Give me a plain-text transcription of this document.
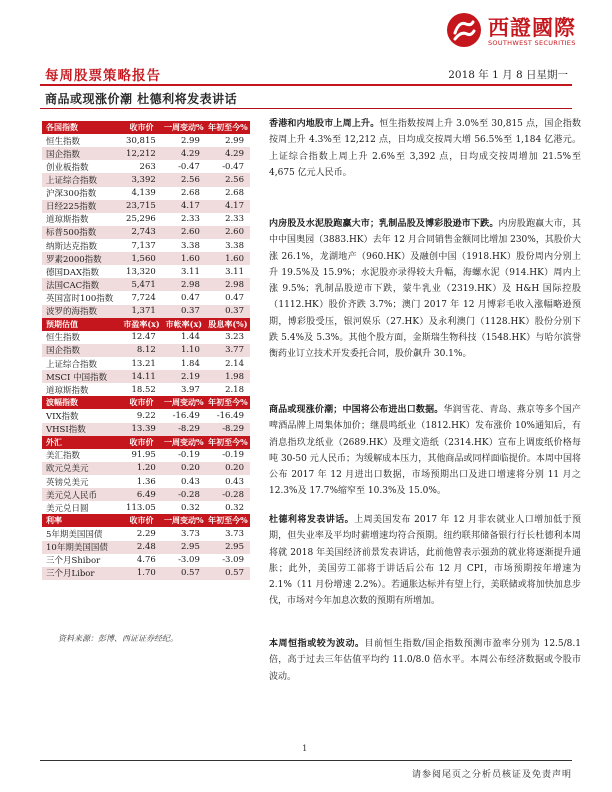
西證國際
SOUTHWEST SECURITIES
每周股票策略报告	2018 年 1 月 8 日星期一
商品或现涨价潮 杜德利将发表讲话
各国指数	收市价	一周变动%	年初至今%
恒生指数	30,815	2.99	2.99
国企指数	12,212	4.29	4.29
创业板指数	263	-0.47	-0.47
上证综合指数	3,392	2.56	2.56
沪深300指数	4,139	2.68	2.68
日经225指数	23,715	4.17	4.17
道琼斯指数	25,296	2.33	2.33
标普500指数	2,743	2.60	2.60
纳斯达克指数	7,137	3.38	3.38
罗素2000指数	1,560	1.60	1.60
德国DAX指数	13,320	3.11	3.11
法国CAC指数	5,471	2.98	2.98
英国富时100指数	7,724	0.47	0.47
波罗的海指数	1,371	0.37	0.37
预期估值	市盈率(x)	市帐率(x)	股息率(%)
恒生指数	12.47	1.44	3.23
国企指数	8.12	1.10	3.77
上证综合指数	13.21	1.84	2.14
MSCI 中国指数	14.11	2.19	1.98
道琼斯指数	18.52	3.97	2.18
波幅指数	收市价	一周变动%	年初至今%
VIX指数	9.22	-16.49	-16.49
VHSI指数	13.39	-8.29	-8.29
外汇	收市价	一周变动%	年初至今%
美汇指数	91.95	-0.19	-0.19
欧元兑美元	1.20	0.20	0.20
英镑兑美元	1.36	0.43	0.43
美元兑人民币	6.49	-0.28	-0.28
美元兑日圆	113.05	0.32	0.32
利率	收市价	一周变动%	年初至今%
5年期美国国债	2.29	3.73	3.73
10年期美国国债	2.48	2.95	2.95
三个月Shibor	4.76	-3.09	-3.09
三个月Libor	1.70	0.57	0.57
资料来源：彭博、西证证券经纪。
香港和内地股市上周上升。恒生指数按周上升 3.0%至 30,815 点，国企指数按周上升 4.3%至 12,212 点，日均成交按周大增 56.5%至 1,184 亿港元。上证综合指数上周上升 2.6%至 3,392 点，日均成交按周增加 21.5%至 4,675 亿元人民币。
内房股及水泥股跑赢大市；乳制品股及博彩股逊市下跌。内房股跑赢大市，其中中国奥园（3883.HK）去年 12 月合同销售金额同比增加 230%，其股价大涨 26.1%，龙湖地产（960.HK）及融创中国（1918.HK）股份周内分别上升 19.5%及 15.9%；水泥股亦录得较大升幅，海螺水泥（914.HK）周内上涨 9.5%；乳制品股逆市下跌，蒙牛乳业（2319.HK）及 H&H 国际控股（1112.HK）股价齐跌 3.7%；澳门 2017 年 12 月博彩毛收入涨幅略逊预期，博彩股受压，银河娱乐（27.HK）及永利澳门（1128.HK）股份分别下跌 5.4%及 5.3%。其他个股方面，金斯瑞生物科技（1548.HK）与哈尔滨誉衡药业订立技术开发委托合同，股价飙升 30.1%。
商品或现涨价潮；中国将公布进出口数据。华润雪花、青岛、燕京等多个国产啤酒品牌上周集体加价；继晨鸣纸业（1812.HK）发布涨价 10%通知后，有消息指玖龙纸业（2689.HK）及理文造纸（2314.HK）宣布上调废纸价格每吨 30-50 元人民币；为缓解成本压力，其他商品或同样面临提价。本周中国将公布 2017 年 12 月进出口数据，市场预期出口及进口增速将分别 11 月之 12.3%及 17.7%缩窄至 10.3%及 15.0%。
杜德利将发表讲话。上周美国发布 2017 年 12 月非农就业人口增加低于预期，但失业率及平均时薪增速均符合预期。纽约联邦储备银行行长杜德利本周将就 2018 年美国经济前景发表讲话，此前他曾表示强劲的就业将逐渐提升通胀；此外，美国劳工部将于讲话后公布 12 月 CPI，市场预期按年增速为 2.1%（11 月份增速 2.2%）。若通胀达标并有望上行，美联储或将加快加息步伐，市场对今年加息次数的预期有所增加。
本周恒指或较为波动。目前恒生指数/国企指数预测市盈率分别为 12.5/8.1 倍，高于过去三年估值平均约 11.0/8.0 倍水平。本周公布经济数据或令股市波动。
1
请参阅尾页之分析员核证及免责声明
